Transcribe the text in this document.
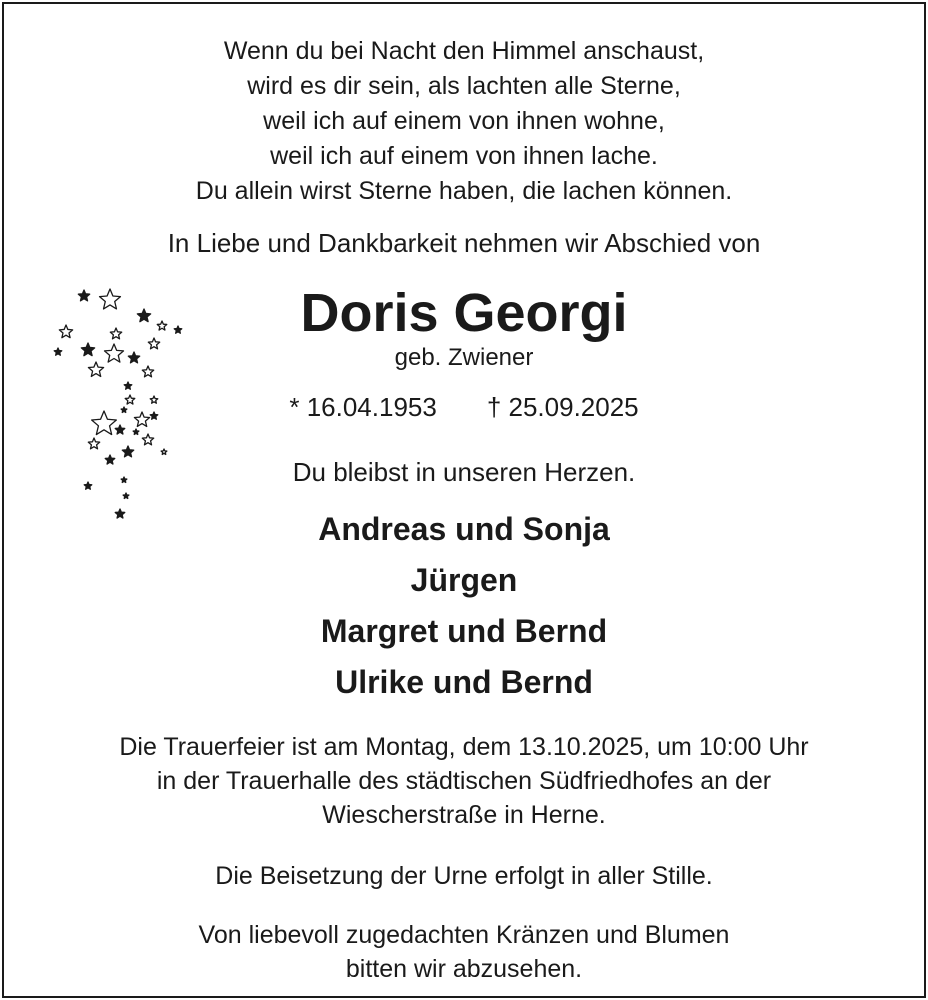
Wenn du bei Nacht den Himmel anschaust,
wird es dir sein, als lachten alle Sterne,
weil ich auf einem von ihnen wohne,
weil ich auf einem von ihnen lache.
Du allein wirst Sterne haben, die lachen können.
In Liebe und Dankbarkeit nehmen wir Abschied von
Doris Georgi
geb. Zwiener
* 16.04.1953 † 25.09.2025
Du bleibst in unseren Herzen.
Andreas und Sonja
Jürgen
Margret und Bernd
Ulrike und Bernd
Die Trauerfeier ist am Montag, dem 13.10.2025, um 10:00 Uhr
in der Trauerhalle des städtischen Südfriedhofes an der
Wiescherstraße in Herne.
Die Beisetzung der Urne erfolgt in aller Stille.
Von liebevoll zugedachten Kränzen und Blumen
bitten wir abzusehen.
